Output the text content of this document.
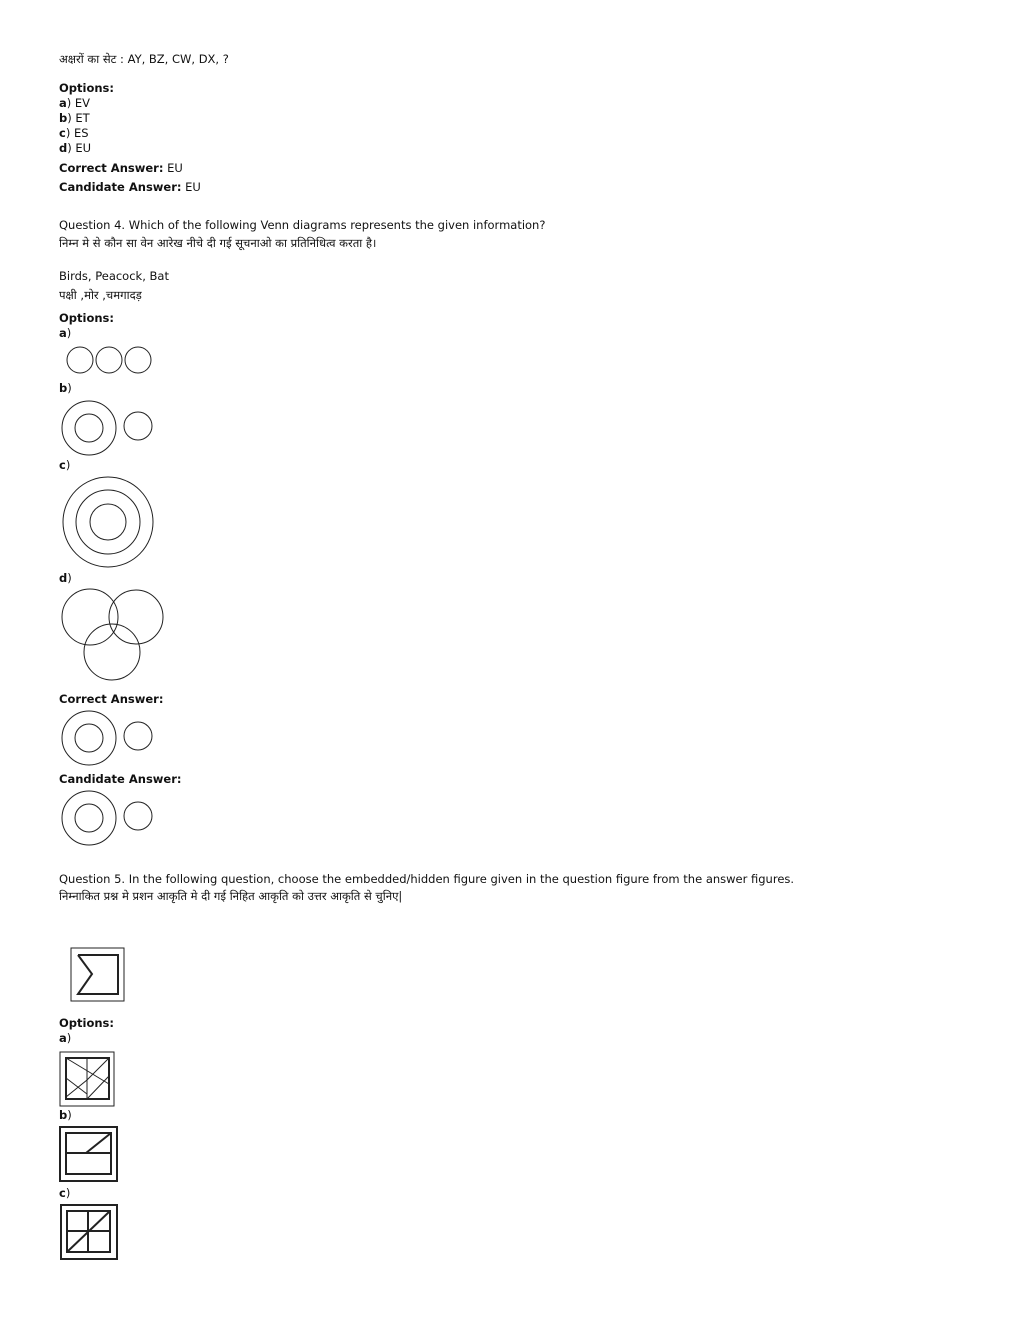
अक्षरों का सेट : AY, BZ, CW, DX, ?
Options:
a) EV
b) ET
c) ES
d) EU
Correct Answer: EU
Candidate Answer: EU
Question 4. Which of the following Venn diagrams represents the given information?
निम्न मे से कौन सा वेन आरेख नीचे दी गई सूचनाओ का प्रतिनिधित्व करता है।
Birds, Peacock, Bat
पक्षी ,मोर ,चमगादड़
Options:
a)
b)
c)
d)
Correct Answer:
Candidate Answer:
Question 5. In the following question, choose the embedded/hidden figure given in the question figure from the answer figures.
निम्नाकित प्रश्न मे प्रशन आकृति मे दी गई निहित आकृति को उत्तर आकृति से चुनिए|
Options:
a)
b)
c)
